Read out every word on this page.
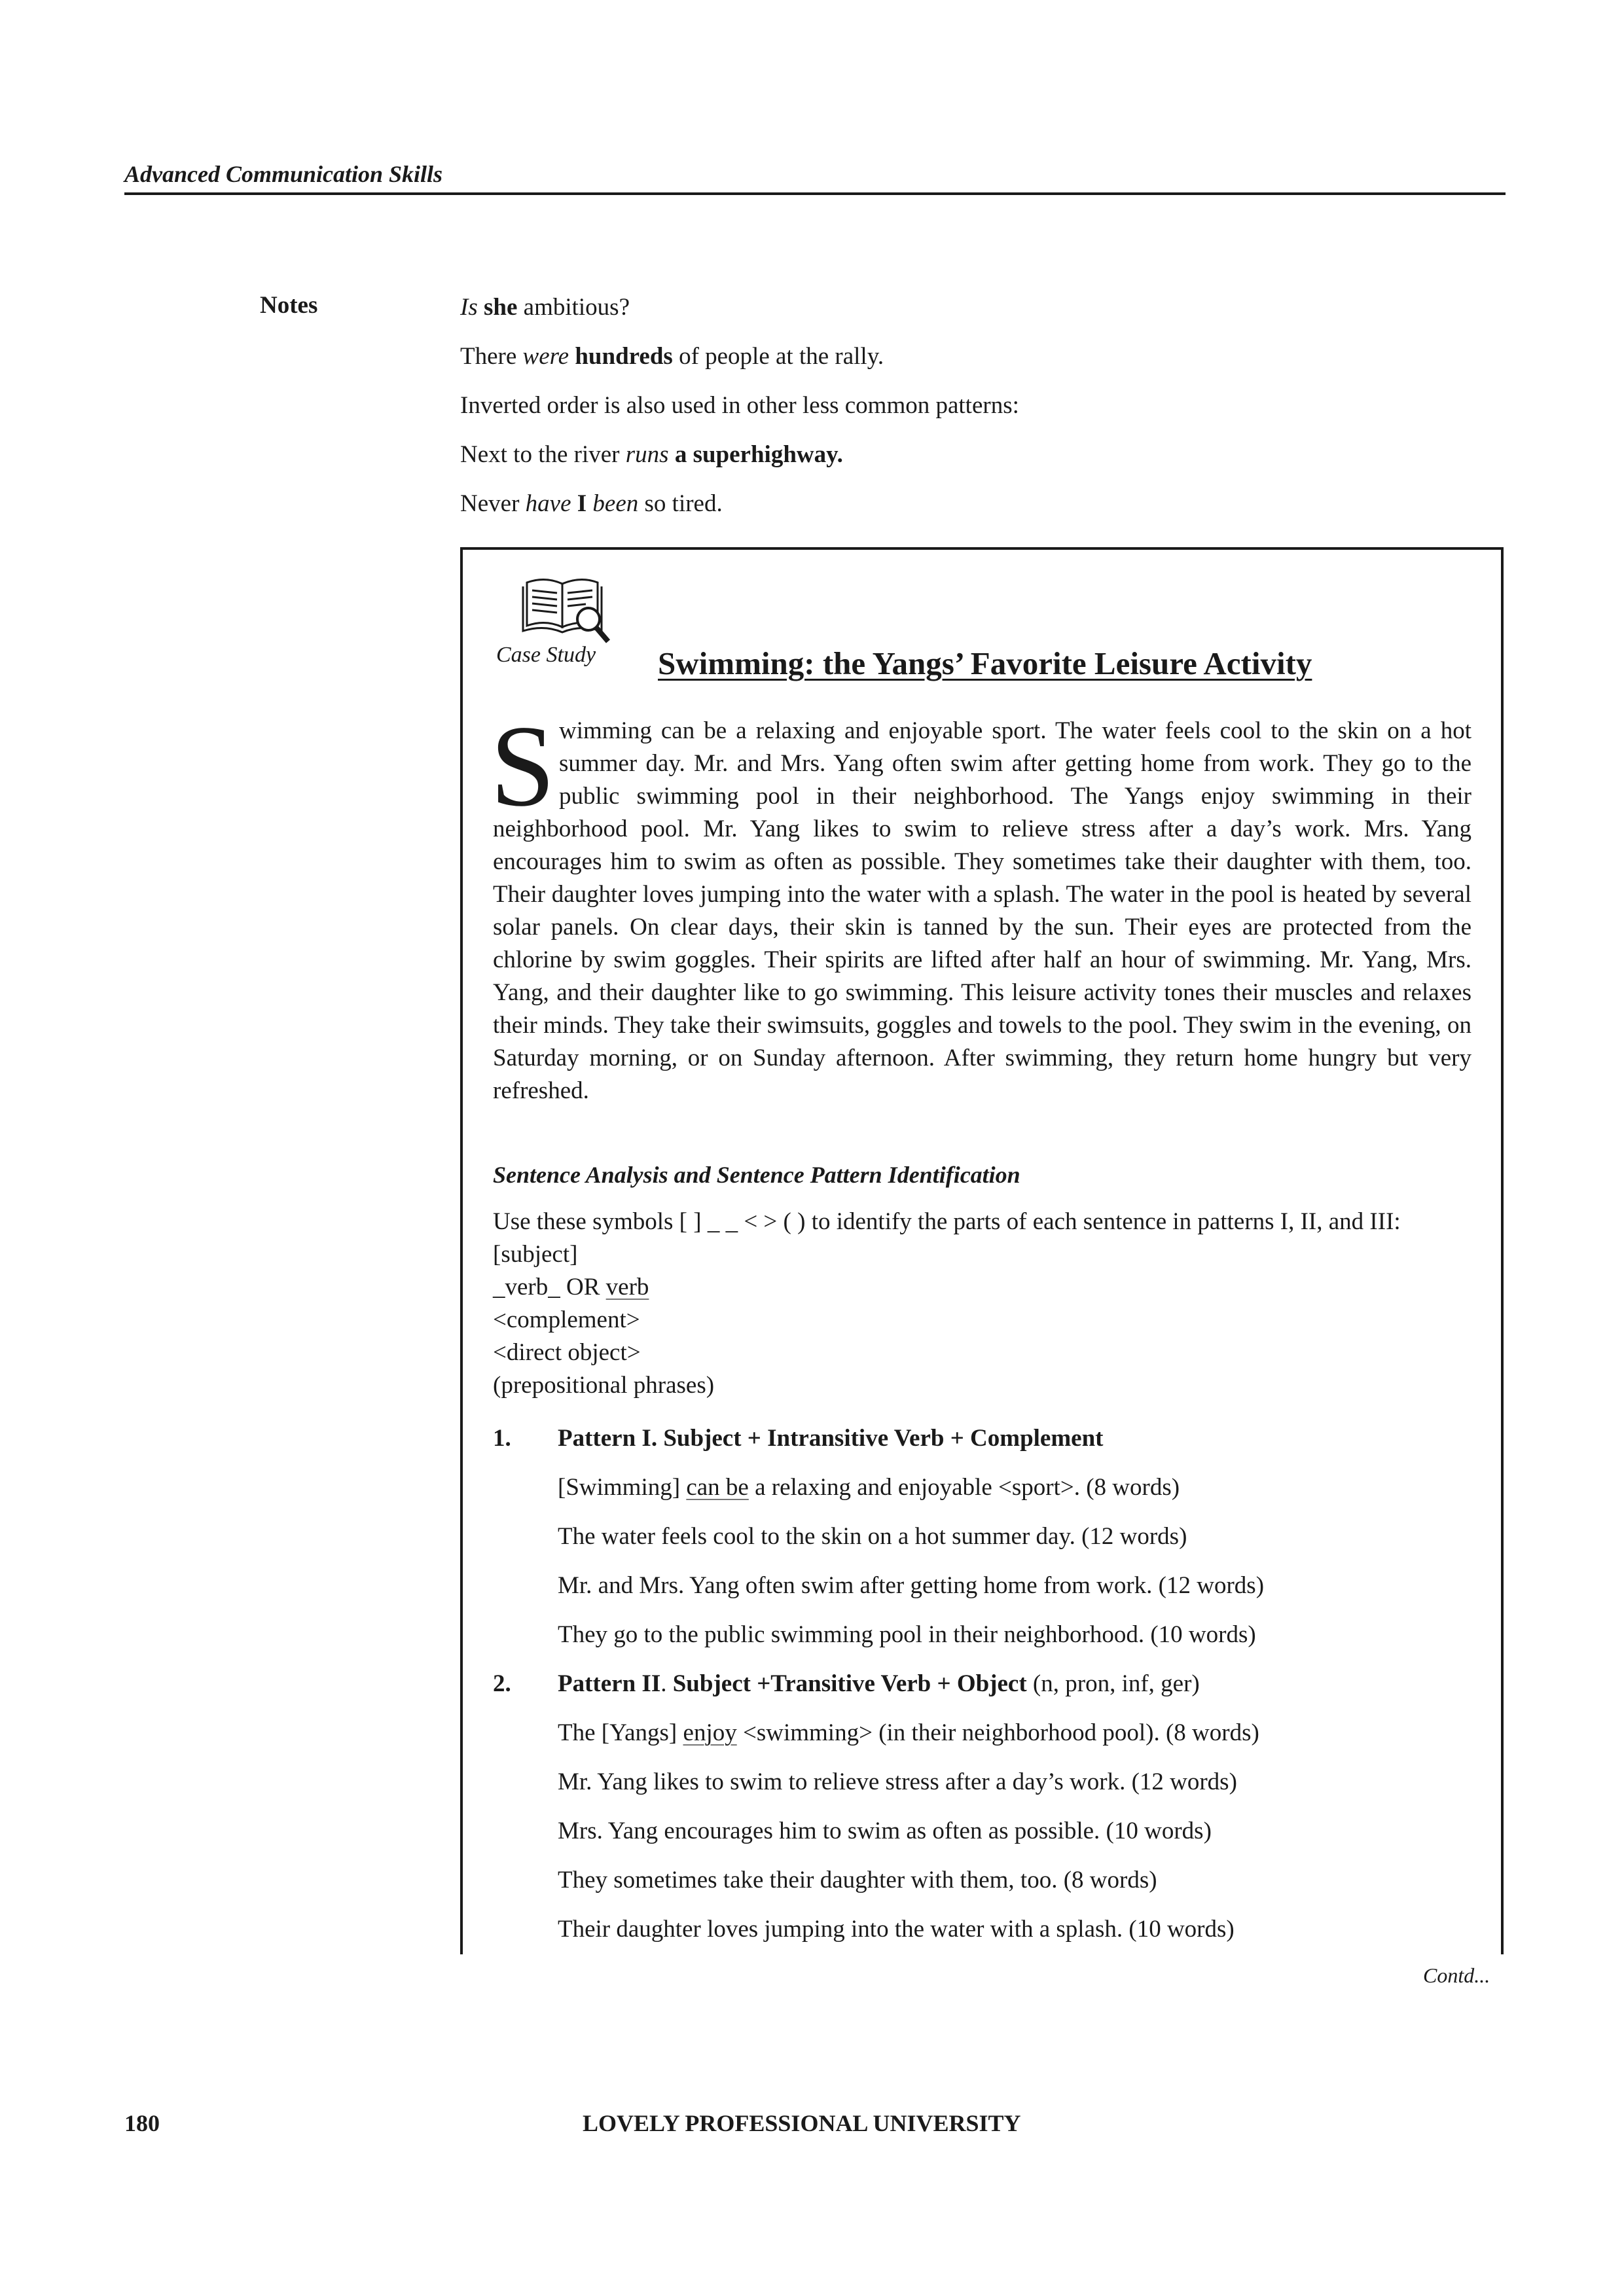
Advanced Communication Skills
Notes	Is she ambitious?
There were hundreds of people at the rally.
Inverted order is also used in other less common patterns:
Next to the river runs a superhighway.
Never have I been so tired.
Case Study Swimming: the Yangs’ Favorite Leisure Activity
Swimming can be a relaxing and enjoyable sport. The water feels cool to the skin on a hot summer day. Mr. and Mrs. Yang often swim after getting home from work. They go to the public swimming pool in their neighborhood. The Yangs enjoy swimming in their neighborhood pool. Mr. Yang likes to swim to relieve stress after a day’s work. Mrs. Yang encourages him to swim as often as possible. They sometimes take their daughter with them, too. Their daughter loves jumping into the water with a splash. The water in the pool is heated by several solar panels. On clear days, their skin is tanned by the sun. Their eyes are protected from the chlorine by swim goggles. Their spirits are lifted after half an hour of swimming. Mr. Yang, Mrs. Yang, and their daughter like to go swimming. This leisure activity tones their muscles and relaxes their minds. They take their swimsuits, goggles and towels to the pool. They swim in the evening, on Saturday morning, or on Sunday afternoon. After swimming, they return home hungry but very refreshed.
Sentence Analysis and Sentence Pattern Identification
Use these symbols [ ] _ _ < > ( ) to identify the parts of each sentence in patterns I, II, and III:
[subject]
_verb_ OR verb
<complement>
<direct object>
(prepositional phrases)
1. Pattern I. Subject + Intransitive Verb + Complement
[Swimming] can be a relaxing and enjoyable <sport>. (8 words)
The water feels cool to the skin on a hot summer day. (12 words)
Mr. and Mrs. Yang often swim after getting home from work. (12 words)
They go to the public swimming pool in their neighborhood. (10 words)
2. Pattern II. Subject +Transitive Verb + Object (n, pron, inf, ger)
The [Yangs] enjoy <swimming> (in their neighborhood pool). (8 words)
Mr. Yang likes to swim to relieve stress after a day’s work. (12 words)
Mrs. Yang encourages him to swim as often as possible. (10 words)
They sometimes take their daughter with them, too. (8 words)
Their daughter loves jumping into the water with a splash. (10 words)
Contd...
180	LOVELY PROFESSIONAL UNIVERSITY
